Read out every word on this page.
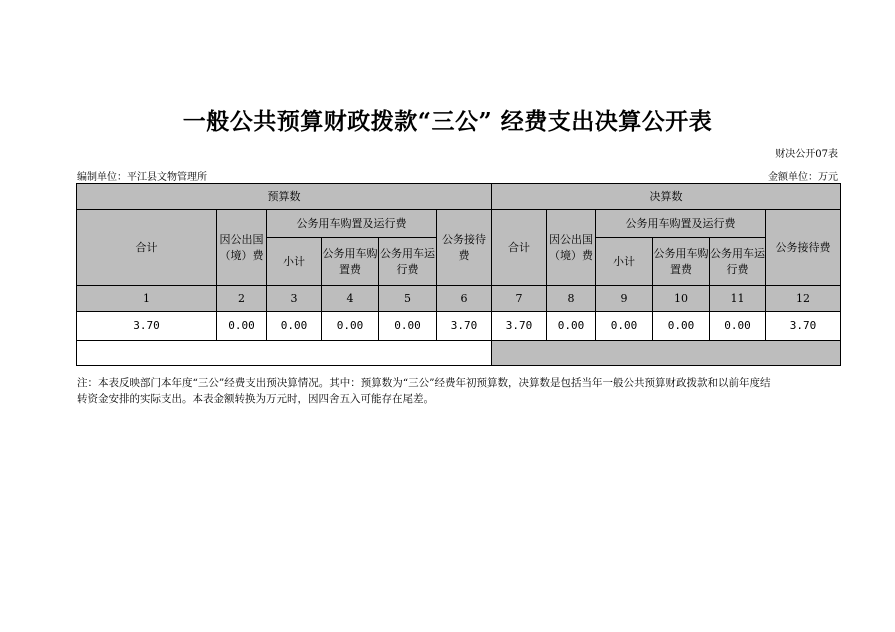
一般公共预算财政拨款“三公” 经费支出决算公开表
财决公开07表
编制单位：平江县文物管理所	金额单位：万元
预算数						决算数					
合计	因公出国（境）费	公务用车购置及运行费			公务接待费	合计	因公出国（境）费	公务用车购置及运行费			公务接待费
		小计	公务用车购置费	公务用车运行费				小计	公务用车购置费	公务用车运行费	
1	2	3	4	5	6	7	8	9	10	11	12
3.70	0.00	0.00	0.00	0.00	3.70	3.70	0.00	0.00	0.00	0.00	3.70

注：本表反映部门本年度“三公”经费支出预决算情况。其中：预算数为“三公”经费年初预算数，决算数是包括当年一般公共预算财政拨款和以前年度结转资金安排的实际支出。本表金额转换为万元时，因四舍五入可能存在尾差。
